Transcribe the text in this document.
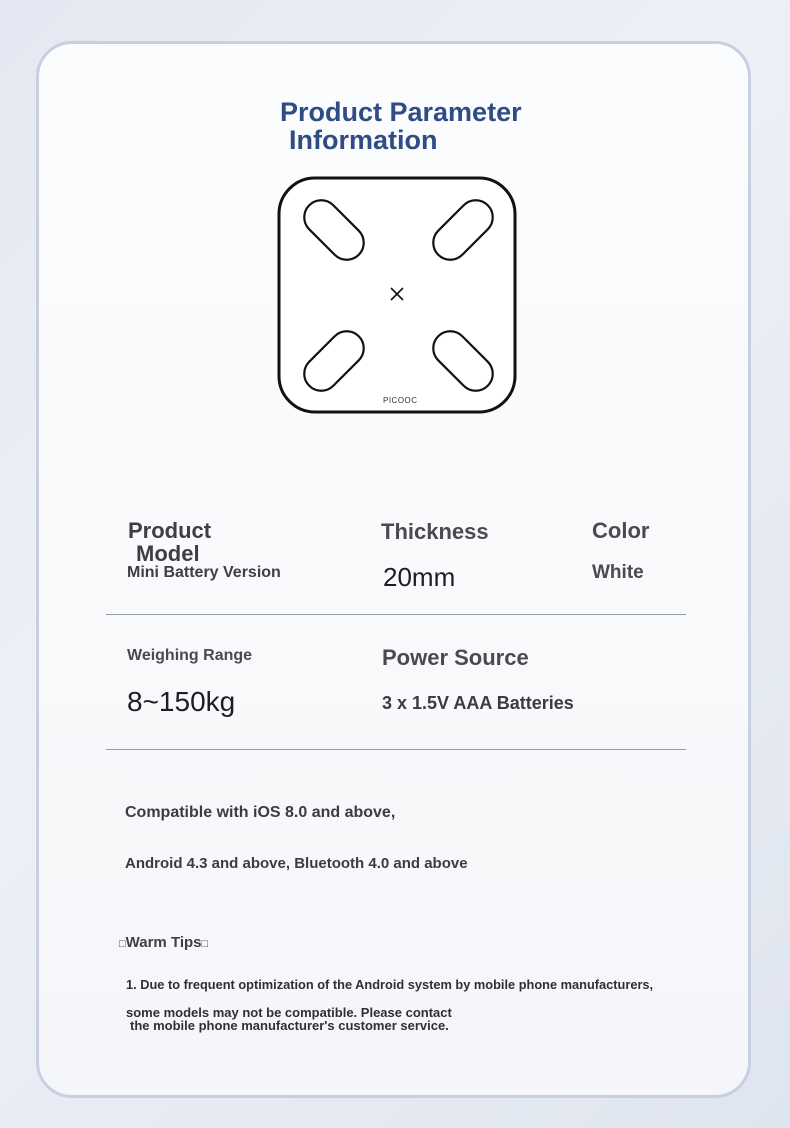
Product Parameter
Information
PICOOC
Product
Model
Mini Battery Version
Thickness
20mm
Color
White
Weighing Range
8~150kg
Power Source
3 x 1.5V AAA Batteries
Compatible with iOS 8.0 and above,
Android 4.3 and above, Bluetooth 4.0 and above
□Warm Tips□
1. Due to frequent optimization of the Android system by mobile phone manufacturers,
some models may not be compatible. Please contact
the mobile phone manufacturer's customer service.
